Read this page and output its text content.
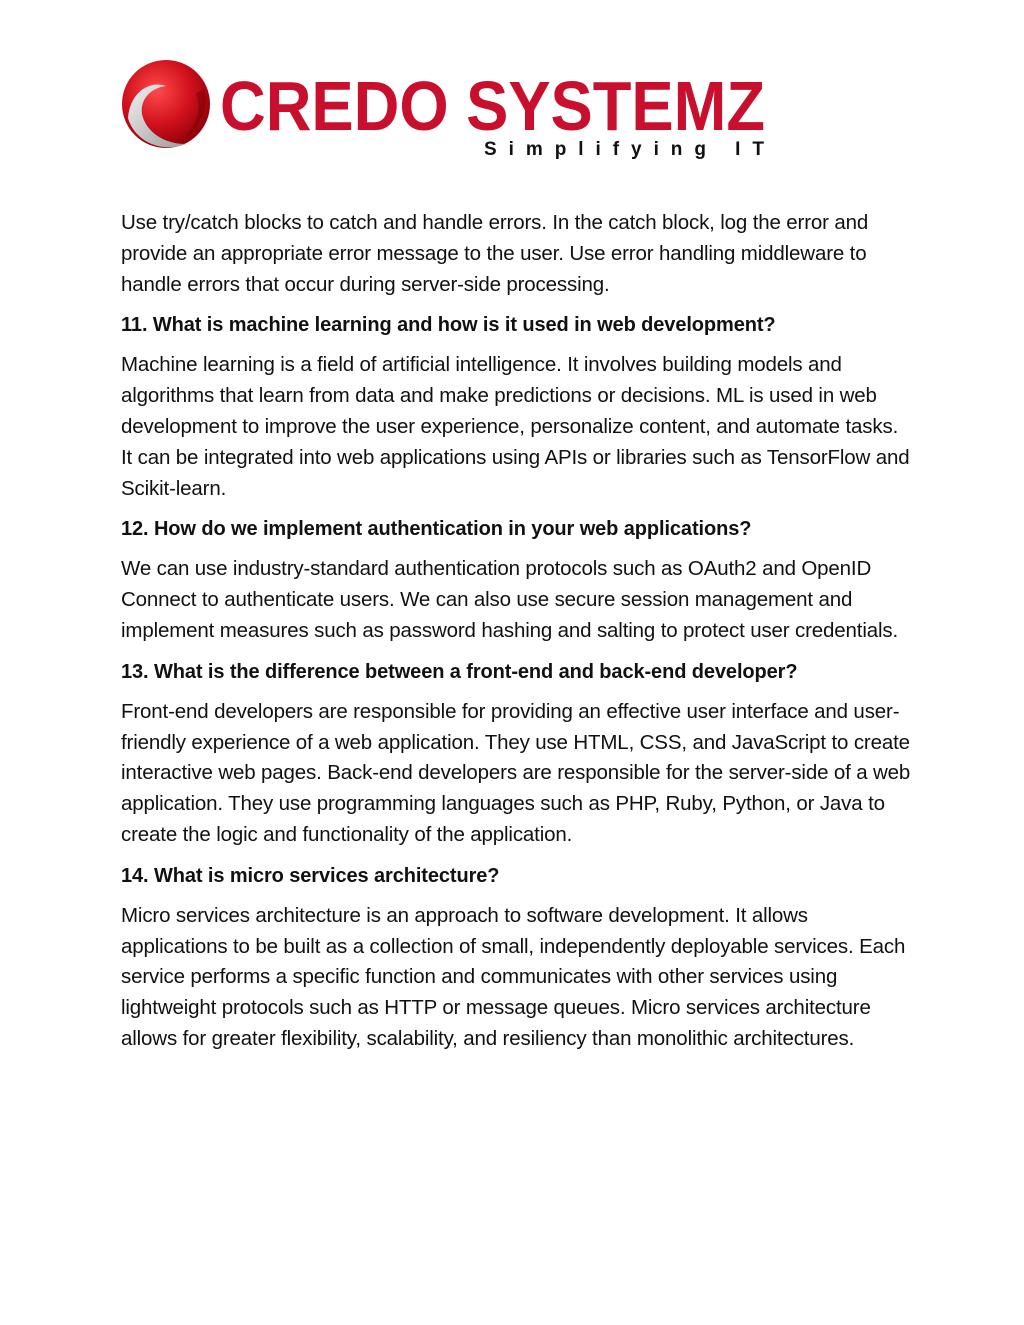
CREDO SYSTEMZ
Simplifying IT

Use try/catch blocks to catch and handle errors. In the catch block, log the error and provide an appropriate error message to the user. Use error handling middleware to handle errors that occur during server-side processing.

11. What is machine learning and how is it used in web development?

Machine learning is a field of artificial intelligence. It involves building models and algorithms that learn from data and make predictions or decisions. ML is used in web development to improve the user experience, personalize content, and automate tasks. It can be integrated into web applications using APIs or libraries such as TensorFlow and Scikit-learn.

12. How do we implement authentication in your web applications?

We can use industry-standard authentication protocols such as OAuth2 and OpenID Connect to authenticate users. We can also use secure session management and implement measures such as password hashing and salting to protect user credentials.

13. What is the difference between a front-end and back-end developer?

Front-end developers are responsible for providing an effective user interface and user-friendly experience of a web application. They use HTML, CSS, and JavaScript to create interactive web pages. Back-end developers are responsible for the server-side of a web application. They use programming languages such as PHP, Ruby, Python, or Java to create the logic and functionality of the application.

14. What is micro services architecture?

Micro services architecture is an approach to software development. It allows applications to be built as a collection of small, independently deployable services. Each service performs a specific function and communicates with other services using lightweight protocols such as HTTP or message queues. Micro services architecture allows for greater flexibility, scalability, and resiliency than monolithic architectures.
